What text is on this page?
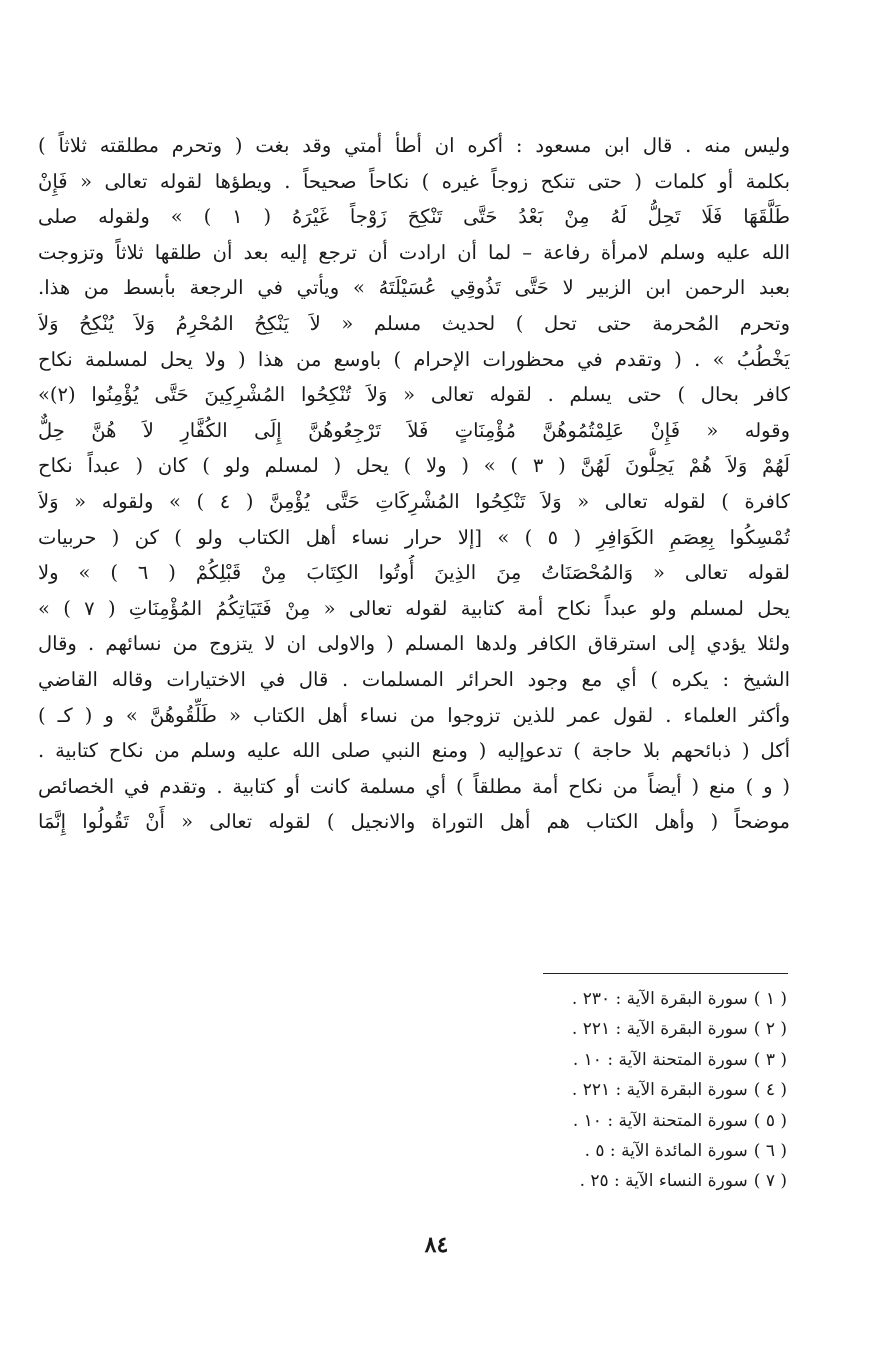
وليس منه . قال ابن مسعود : أكره ان أطأ أمتي وقد بغت ( وتحرم مطلقته ثلاثاً )
بكلمة أو كلمات ( حتى تنكح زوجاً غيره ) نكاحاً صحيحاً . ويطؤها لقوله تعالى « فَإِنْ
طَلَّقَهَا فَلَا تَحِلُّ لَهُ مِنْ بَعْدُ حَتَّى تَنْكِحَ زَوْجاً غَيْرَهُ ( ١ ) » ولقوله صلى
الله عليه وسلم لامرأة رفاعة – لما أن ارادت أن ترجع إليه بعد أن طلقها ثلاثاً وتزوجت
بعبد الرحمن ابن الزبير لا حَتَّى تَذُوقِي عُسَيْلَتَهُ » ويأتي في الرجعة بأبسط من هذا.
وتحرم المُحرمة حتى تحل ) لحديث مسلم « لاَ يَنْكِحُ المُحْرِمُ وَلاَ يُنْكِحُ وَلاَ
يَخْطُبُ » . ( وتقدم في محظورات الإحرام ) باوسع من هذا ( ولا يحل لمسلمة نكاح
كافر بحال ) حتى يسلم . لقوله تعالى « وَلاَ تُنْكِحُوا المُشْرِكِينَ حَتَّى يُؤْمِنُوا (٢)»
وقوله « فَإِنْ عَلِمْتُمُوهُنَّ مُؤْمِنَاتٍ فَلاَ تَرْجِعُوهُنَّ إِلَى الكُفَّارِ لاَ هُنَّ حِلٌّ
لَهُمْ وَلاَ هُمْ يَحِلُّونَ لَهُنَّ ( ٣ ) » ( ولا ) يحل ( لمسلم ولو ) كان ( عبداً نكاح
كافرة ) لقوله تعالى « وَلاَ تَنْكِحُوا المُشْرِكَاتِ حَتَّى يُؤْمِنَّ ( ٤ ) » ولقوله « وَلاَ
تُمْسِكُوا بِعِصَمِ الكَوَافِرِ ( ٥ ) » [إلا حرار نساء أهل الكتاب ولو ) كن ( حربيات
لقوله تعالى « وَالمُحْصَنَاتُ مِنَ الذِينَ أُوتُوا الكِتَابَ مِنْ قَبْلِكُمْ ( ٦ ) » ولا
يحل لمسلم ولو عبداً نكاح أمة كتابية لقوله تعالى « مِنْ فَتَيَاتِكُمُ المُؤْمِنَاتِ ( ٧ ) »
ولئلا يؤدي إلى استرقاق الكافر ولدها المسلم ( والاولى ان لا يتزوج من نسائهم . وقال
الشيخ : يكره ) أي مع وجود الحرائر المسلمات . قال في الاختيارات وقاله القاضي
وأكثر العلماء . لقول عمر للذين تزوجوا من نساء أهل الكتاب « طَلِّقُوهُنَّ » و ( كـ )
أكل ( ذبائحهم بلا حاجة ) تدعوإليه ( ومنع النبي صلى الله عليه وسلم من نكاح كتابية .
( و ) منع ( أيضاً من نكاح أمة مطلقاً ) أي مسلمة كانت أو كتابية . وتقدم في الخصائص
موضحاً ( وأهل الكتاب هم أهل التوراة والانجيل ) لقوله تعالى « أَنْ تَقُولُوا إِنَّمَا
( ١ )سورة البقرة الآية : ٢٣٠ .
( ٢ )سورة البقرة الآية : ٢٢١ .
( ٣ )سورة المتحنة الآية : ١٠ .
( ٤ )سورة البقرة الآية : ٢٢١ .
( ٥ )سورة المتحنة الآية : ١٠ .
( ٦ )سورة المائدة الآية : ٥ .
( ٧ )سورة النساء الآية : ٢٥ .
٨٤
